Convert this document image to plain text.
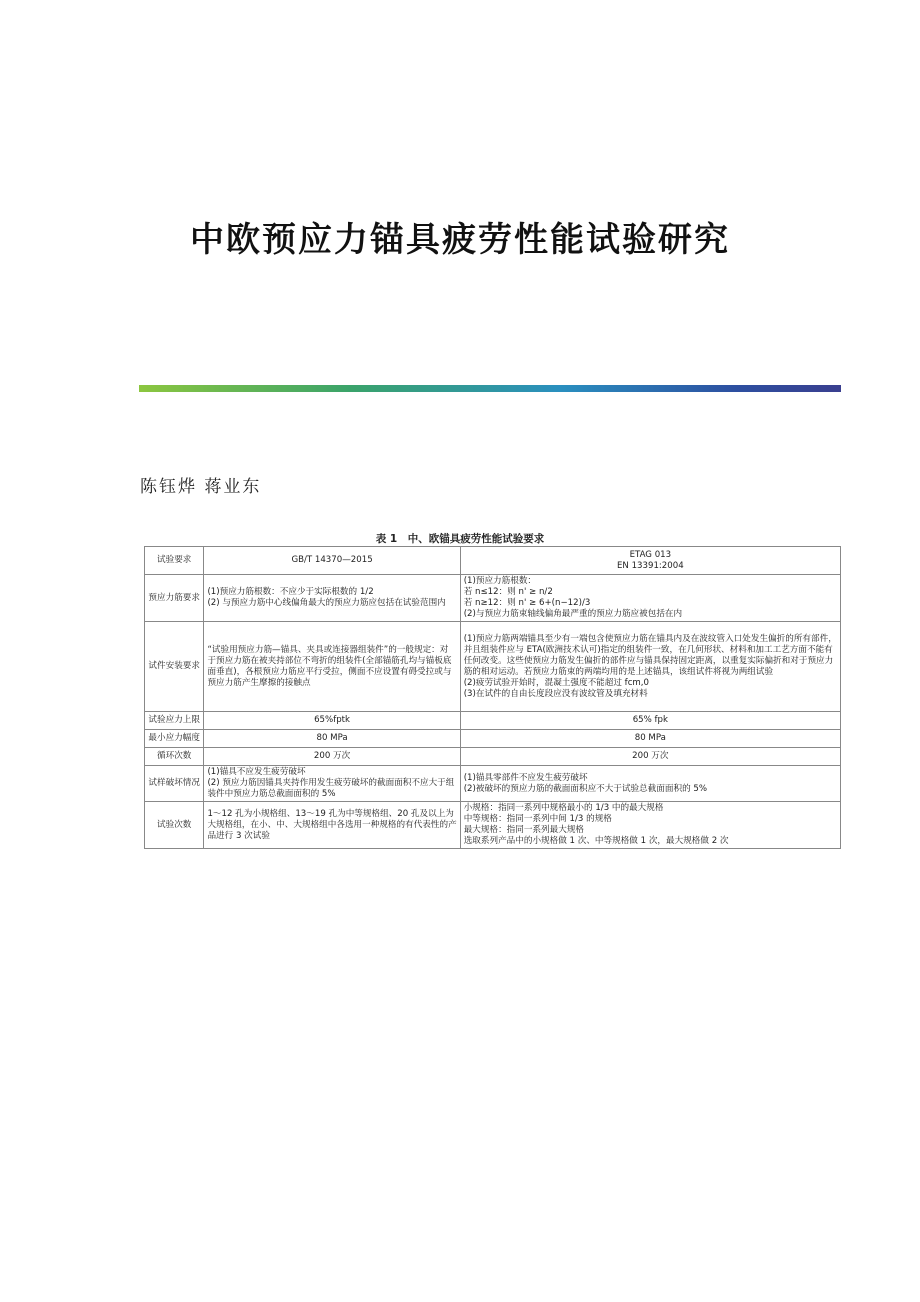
中欧预应力锚具疲劳性能试验研究
陈钰烨 蒋业东
表 1　中、欧锚具疲劳性能试验要求
试验要求	GB/T 14370—2015	ETAG 013
EN 13391:2004

预应力筋要求	(1)预应力筋根数：不应少于实际根数的 1/2
(2) 与预应力筋中心线偏角最大的预应力筋应包括在试验范围内	(1)预应力筋根数：
若 n≤12：则 n' ≥ n/2
若 n≥12：则 n' ≥ 6+(n−12)/3
(2)与预应力筋束轴线偏角最严重的预应力筋应被包括在内

试件安装要求	“试验用预应力筋—锚具、夹具或连接器组装件”的一般规定：对于预应力筋在被夹持部位不弯折的组装件(全部锚筋孔均与锚板底面垂直)，各根预应力筋应平行受拉，侧面不应设置有碍受拉或与预应力筋产生摩擦的接触点	(1)预应力筋两端锚具至少有一端包含使预应力筋在锚具内及在波纹管入口处发生偏折的所有部件，并且组装件应与 ETA(欧洲技术认可)指定的组装件一致，在几何形状、材料和加工工艺方面不能有任何改变。这些使预应力筋发生偏折的部件应与锚具保持固定距离，以重复实际偏折和对于预应力筋的相对运动。若预应力筋束的两端均用的是上述锚具，该组试件将视为两组试验
(2)疲劳试验开始时，混凝土强度不能超过 fcm,0
(3)在试件的自由长度段应没有波纹管及填充材料

试验应力上限	65%fptk	65% fpk

最小应力幅度	80 MPa	80 MPa

循环次数	200 万次	200 万次

试样破坏情况	(1)锚具不应发生疲劳破坏
(2) 预应力筋因锚具夹持作用发生疲劳破坏的截面面积不应大于组装件中预应力筋总截面面积的 5%	(1)锚具零部件不应发生疲劳破坏
(2)被破坏的预应力筋的截面面积应不大于试验总截面面积的 5%

试验次数	1～12 孔为小规格组、13～19 孔为中等规格组、20 孔及以上为大规格组，在小、中、大规格组中各选用一种规格的有代表性的产品进行 3 次试验	小规格：指同一系列中规格最小的 1/3 中的最大规格
中等规格：指同一系列中间 1/3 的规格
最大规格：指同一系列最大规格
选取系列产品中的小规格做 1 次、中等规格做 1 次，最大规格做 2 次
